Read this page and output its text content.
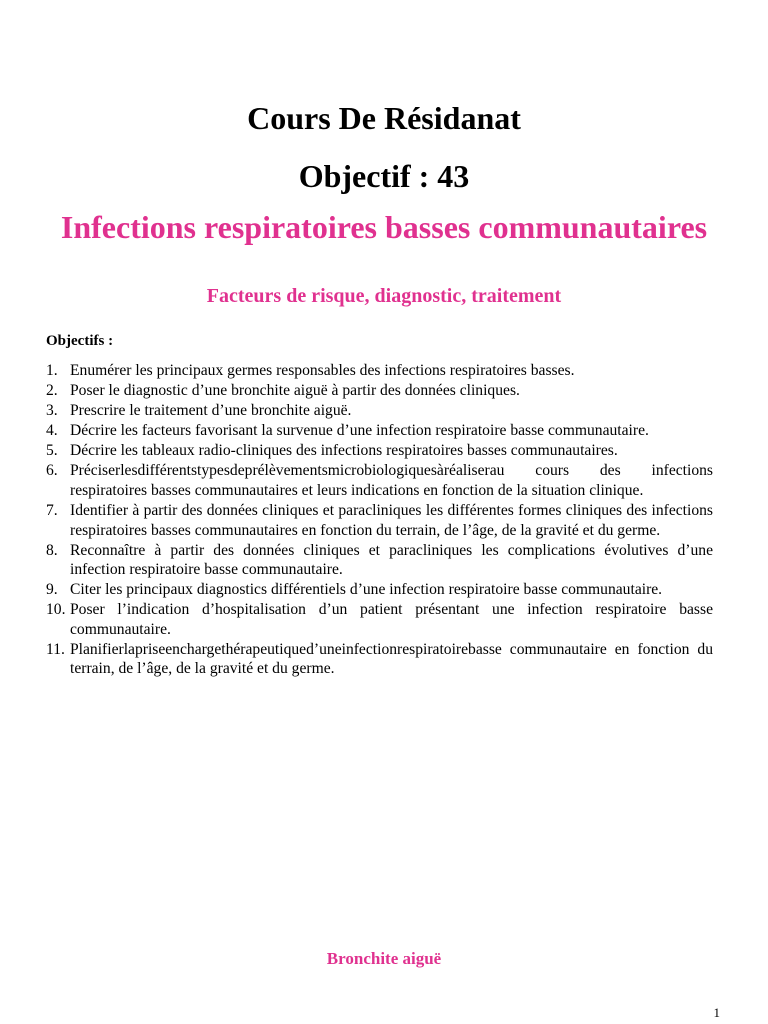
Cours De Résidanat
Objectif : 43
Infections respiratoires basses communautaires
Facteurs de risque, diagnostic, traitement
Objectifs :
1. Enumérer les principaux germes responsables des infections respiratoires basses.
2. Poser le diagnostic d’une bronchite aiguë à partir des données cliniques.
3. Prescrire le traitement d’une bronchite aiguë.
4. Décrire les facteurs favorisant la survenue d’une infection respiratoire basse communautaire.
5. Décrire les tableaux radio-cliniques des infections respiratoires basses communautaires.
6. Préciserlesdifférentstypesdeprélèvementsmicrobiologiquesàréaliserau cours des infections respiratoires basses communautaires et leurs indications en fonction de la situation clinique.
7. Identifier à partir des données cliniques et paracliniques les différentes formes cliniques des infections respiratoires basses communautaires en fonction du terrain, de l’âge, de la gravité et du germe.
8. Reconnaître à partir des données cliniques et paracliniques les complications évolutives d’une infection respiratoire basse communautaire.
9. Citer les principaux diagnostics différentiels d’une infection respiratoire basse communautaire.
10. Poser l’indication d’hospitalisation d’un patient présentant une infection respiratoire basse communautaire.
11. Planifierlapriseenchargethérapeutiqued’uneinfectionrespiratoirebasse communautaire en fonction du terrain, de l’âge, de la gravité et du germe.
Bronchite aiguë
1
